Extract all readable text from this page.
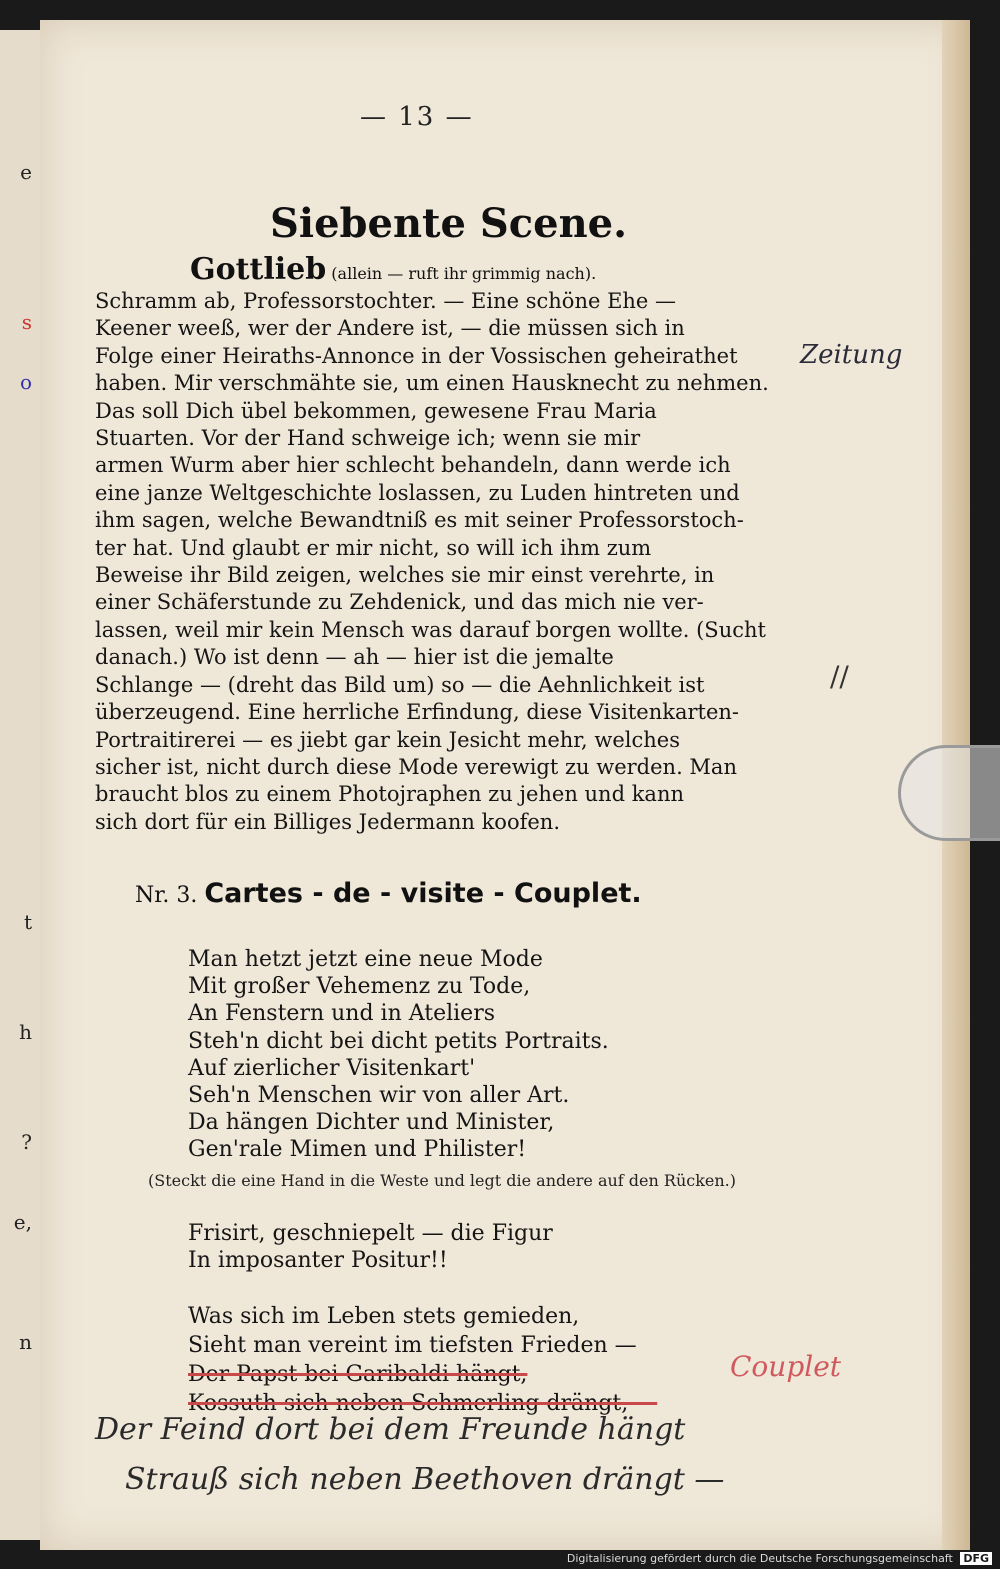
e
s
o
t
h
?
e,
n
— 13 —
Siebente Scene.
Gottlieb (allein — ruft ihr grimmig nach).
Schramm ab, Professorstochter. — Eine schöne Ehe —
Keener weeß, wer der Andere ist, — die müssen sich in
Folge einer Heiraths-Annonce in der Vossischen geheirathet
haben. Mir verschmähte sie, um einen Hausknecht zu nehmen.
Das soll Dich übel bekommen, gewesene Frau Maria
Stuarten. Vor der Hand schweige ich; wenn sie mir
armen Wurm aber hier schlecht behandeln, dann werde ich
eine janze Weltgeschichte loslassen, zu Luden hintreten und
ihm sagen, welche Bewandtniß es mit seiner Professorstoch-
ter hat. Und glaubt er mir nicht, so will ich ihm zum
Beweise ihr Bild zeigen, welches sie mir einst verehrte, in
einer Schäferstunde zu Zehdenick, und das mich nie ver-
lassen, weil mir kein Mensch was darauf borgen wollte. (Sucht
danach.) Wo ist denn — ah — hier ist die jemalte
Schlange — (dreht das Bild um) so — die Aehnlichkeit ist
überzeugend. Eine herrliche Erfindung, diese Visitenkarten-
Portraitirerei — es jiebt gar kein Jesicht mehr, welches
sicher ist, nicht durch diese Mode verewigt zu werden. Man
braucht blos zu einem Photojraphen zu jehen und kann
sich dort für ein Billiges Jedermann koofen.
Nr. 3. Cartes - de - visite - Couplet.
Man hetzt jetzt eine neue Mode
Mit großer Vehemenz zu Tode,
An Fenstern und in Ateliers
Steh'n dicht bei dicht petits Portraits.
Auf zierlicher Visitenkart'
Seh'n Menschen wir von aller Art.
Da hängen Dichter und Minister,
Gen'rale Mimen und Philister!
(Steckt die eine Hand in die Weste und legt die andere auf den Rücken.)
Frisirt, geschniepelt — die Figur
In imposanter Positur!!
Was sich im Leben stets gemieden,
Sieht man vereint im tiefsten Frieden —
Der Papst bei Garibaldi hängt,
Kossuth sich neben Schmerling drängt, —
Der Feind dort bei dem Freunde hängt
Strauß sich neben Beethoven drängt —
Zeitung
Couplet
//
Digitalisierung gefördert durch die Deutsche Forschungsgemeinschaft DFG
